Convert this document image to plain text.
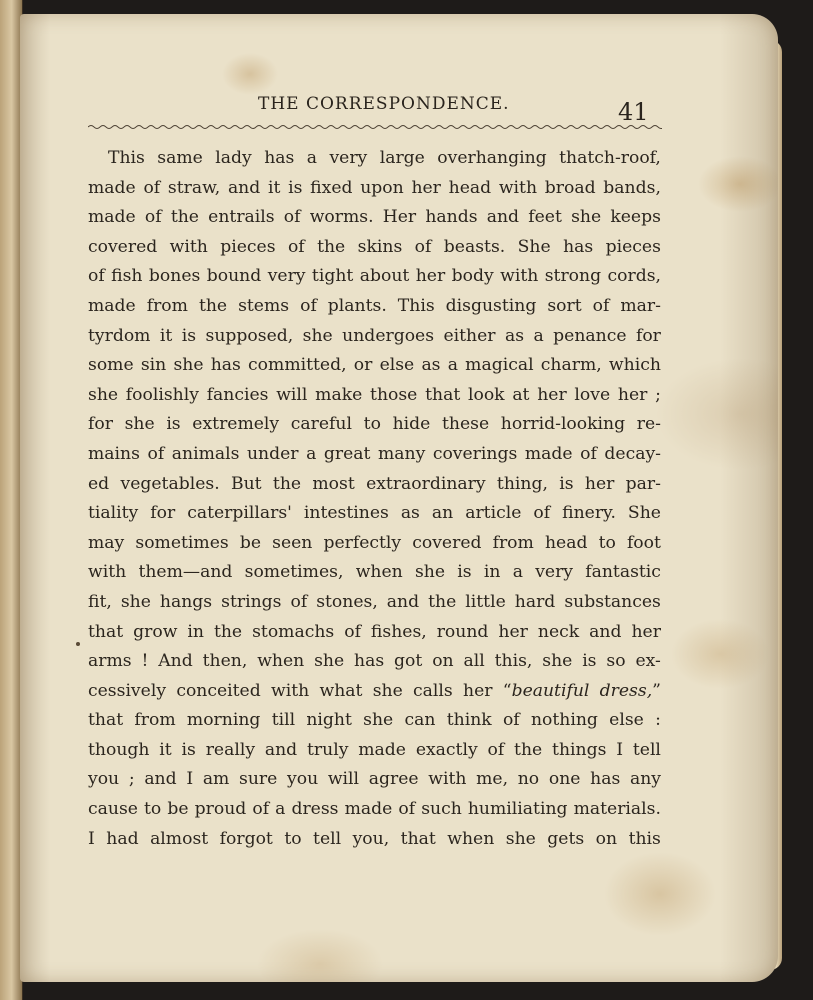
THE CORRESPONDENCE.	41
This same lady has a very large overhanging thatch-roof,
made of straw, and it is fixed upon her head with broad bands,
made of the entrails of worms. Her hands and feet she keeps
covered with pieces of the skins of beasts. She has pieces
of fish bones bound very tight about her body with strong cords,
made from the stems of plants. This disgusting sort of mar-
tyrdom it is supposed, she undergoes either as a penance for
some sin she has committed, or else as a magical charm, which
she foolishly fancies will make those that look at her love her ;
for she is extremely careful to hide these horrid-looking re-
mains of animals under a great many coverings made of decay-
ed vegetables. But the most extraordinary thing, is her par-
tiality for caterpillars' intestines as an article of finery. She
may sometimes be seen perfectly covered from head to foot
with them—and sometimes, when she is in a very fantastic
fit, she hangs strings of stones, and the little hard substances
that grow in the stomachs of fishes, round her neck and her
arms ! And then, when she has got on all this, she is so ex-
cessively conceited with what she calls her “beautiful dress,”
that from morning till night she can think of nothing else :
though it is really and truly made exactly of the things I tell
you ; and I am sure you will agree with me, no one has any
cause to be proud of a dress made of such humiliating materials.
I had almost forgot to tell you, that when she gets on this
